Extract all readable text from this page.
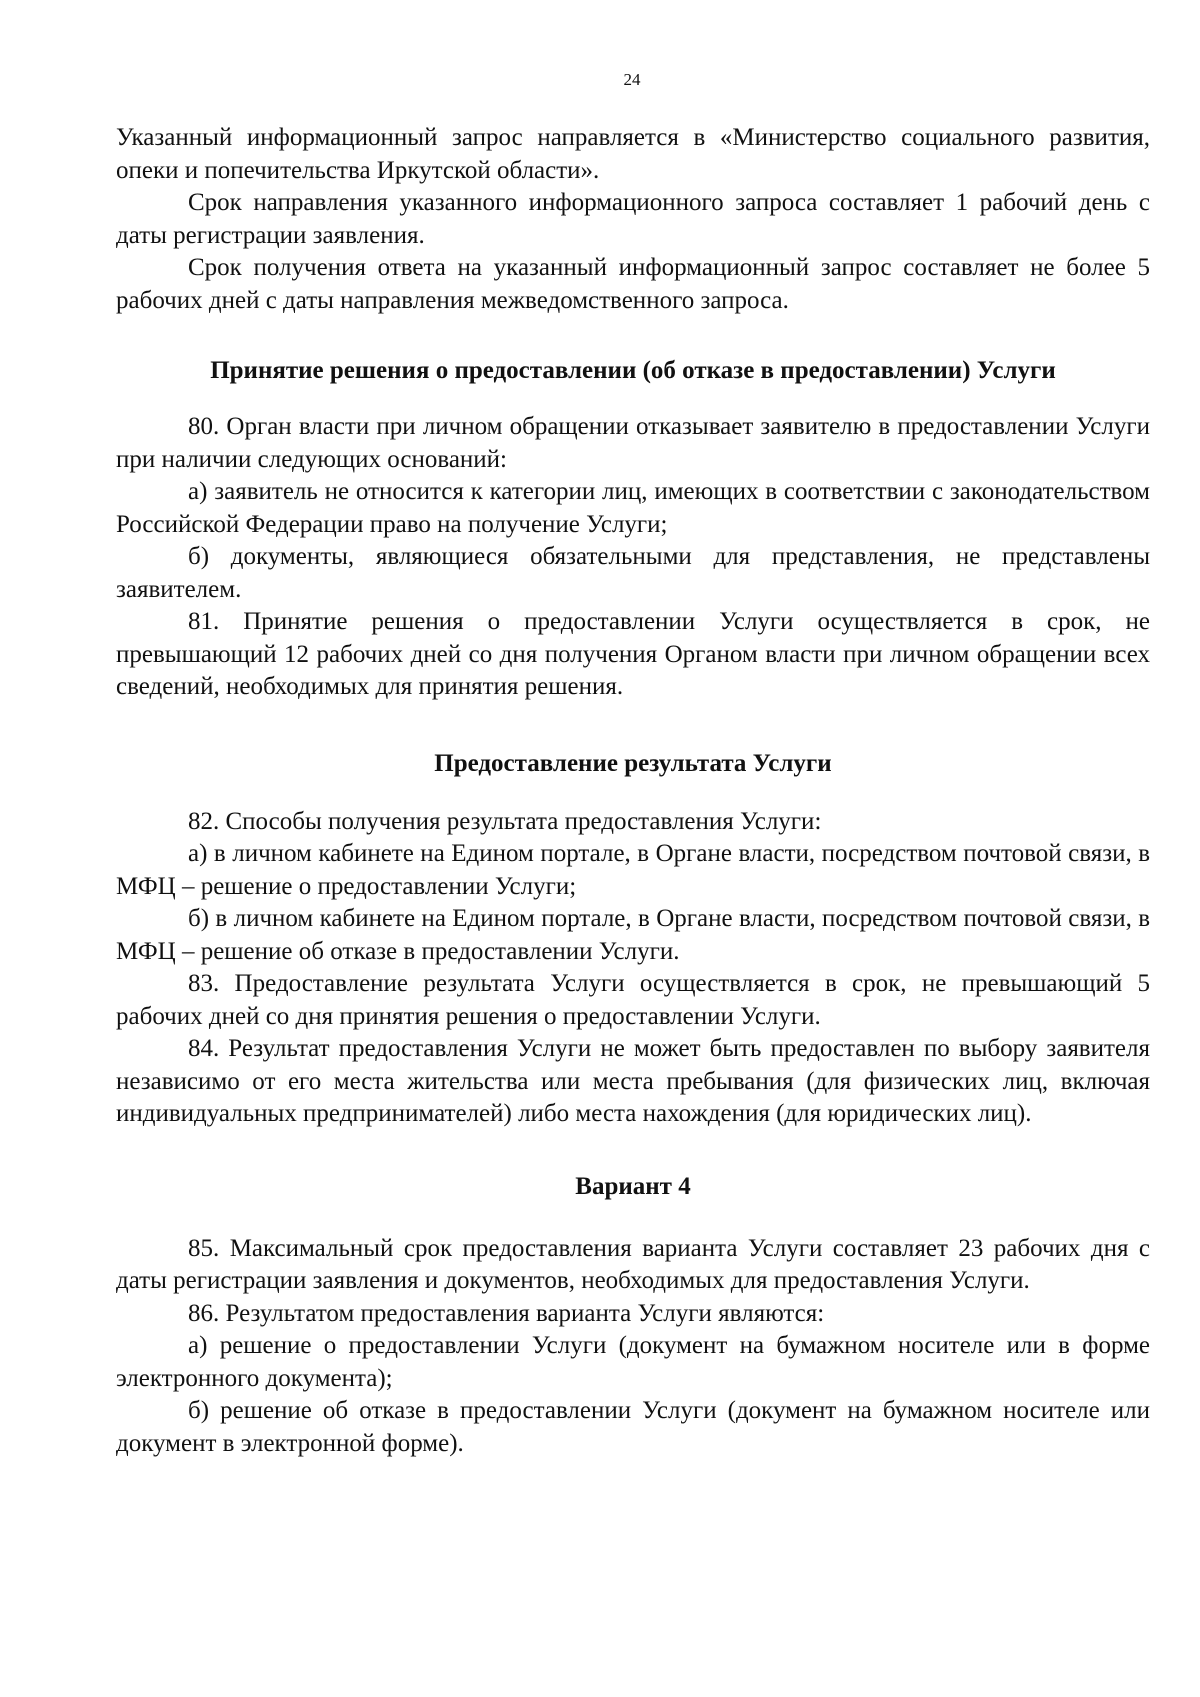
24

Указанный информационный запрос направляется в «Министерство социального развития, опеки и попечительства Иркутской области».

Срок направления указанного информационного запроса составляет 1 рабочий день с даты регистрации заявления.

Срок получения ответа на указанный информационный запрос составляет не более 5 рабочих дней с даты направления межведомственного запроса.

Принятие решения о предоставлении (об отказе в предоставлении) Услуги

80. Орган власти при личном обращении отказывает заявителю в предоставлении Услуги при наличии следующих оснований:

а) заявитель не относится к категории лиц, имеющих в соответствии с законодательством Российской Федерации право на получение Услуги;

б) документы, являющиеся обязательными для представления, не представлены заявителем.

81. Принятие решения о предоставлении Услуги осуществляется в срок, не превышающий 12 рабочих дней со дня получения Органом власти при личном обращении всех сведений, необходимых для принятия решения.

Предоставление результата Услуги

82. Способы получения результата предоставления Услуги:

а) в личном кабинете на Едином портале, в Органе власти, посредством почтовой связи, в МФЦ – решение о предоставлении Услуги;

б) в личном кабинете на Едином портале, в Органе власти, посредством почтовой связи, в МФЦ – решение об отказе в предоставлении Услуги.

83. Предоставление результата Услуги осуществляется в срок, не превышающий 5 рабочих дней со дня принятия решения о предоставлении Услуги.

84. Результат предоставления Услуги не может быть предоставлен по выбору заявителя независимо от его места жительства или места пребывания (для физических лиц, включая индивидуальных предпринимателей) либо места нахождения (для юридических лиц).

Вариант 4

85. Максимальный срок предоставления варианта Услуги составляет 23 рабочих дня с даты регистрации заявления и документов, необходимых для предоставления Услуги.

86. Результатом предоставления варианта Услуги являются:

а) решение о предоставлении Услуги (документ на бумажном носителе или в форме электронного документа);

б) решение об отказе в предоставлении Услуги (документ на бумажном носителе или документ в электронной форме).
